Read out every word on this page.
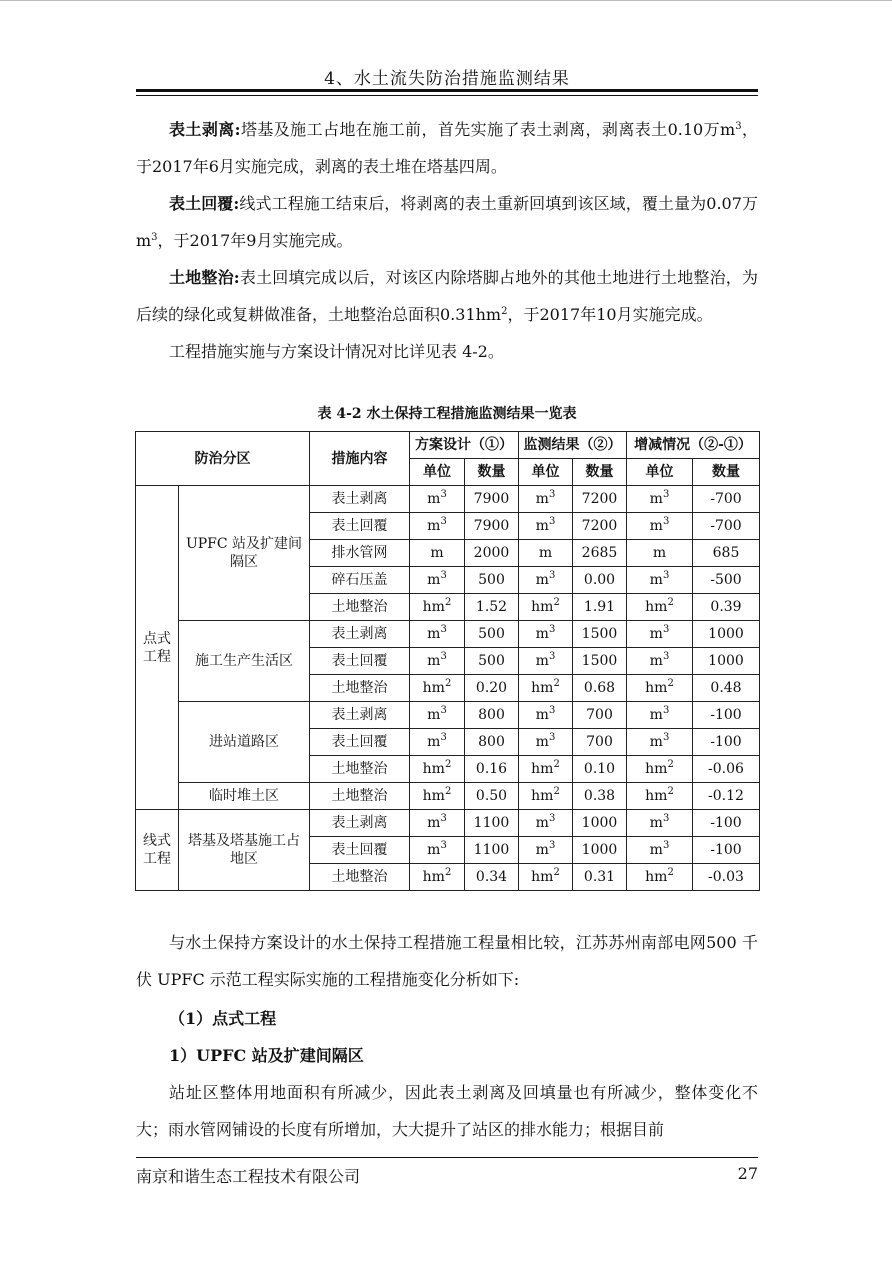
4、水土流失防治措施监测结果

表土剥离:塔基及施工占地在施工前，首先实施了表土剥离，剥离表土0.10万$m^3$，于2017年6月实施完成，剥离的表土堆在塔基四周。

表土回覆:线式工程施工结束后，将剥离的表土重新回填到该区域，覆土量为0.07万$m^3$，于2017年9月实施完成。

土地整治:表土回填完成以后，对该区内除塔脚占地外的其他土地进行土地整治，为后续的绿化或复耕做准备，土地整治总面积$0.31hm^2$，于2017年10月实施完成。

工程措施实施与方案设计情况对比详见表 4-2。

表 4-2 水土保持工程措施监测结果一览表
防治分区		措施内容	方案设计（①）		监测结果（②）		增减情况（②-①）	
			单位	数量	单位	数量	单位	数量
点式工程	UPFC 站及扩建间隔区	表土剥离	$m^3$	7900	$m^3$	7200	$m^3$	-700
		表土回覆	$m^3$	7900	$m^3$	7200	$m^3$	-700
		排水管网	m	2000	m	2685	m	685
		碎石压盖	$m^3$	500	$m^3$	0.00	$m^3$	-500
		土地整治	$hm^2$	1.52	$hm^2$	1.91	$hm^2$	0.39
	施工生产生活区	表土剥离	$m^3$	500	$m^3$	1500	$m^3$	1000
		表土回覆	$m^3$	500	$m^3$	1500	$m^3$	1000
		土地整治	$hm^2$	0.20	$hm^2$	0.68	$hm^2$	0.48
	进站道路区	表土剥离	$m^3$	800	$m^3$	700	$m^3$	-100
		表土回覆	$m^3$	800	$m^3$	700	$m^3$	-100
		土地整治	$hm^2$	0.16	$hm^2$	0.10	$hm^2$	-0.06
	临时堆土区	土地整治	$hm^2$	0.50	$hm^2$	0.38	$hm^2$	-0.12
线式工程	塔基及塔基施工占地区	表土剥离	$m^3$	1100	$m^3$	1000	$m^3$	-100
		表土回覆	$m^3$	1100	$m^3$	1000	$m^3$	-100
		土地整治	$hm^2$	0.34	$hm^2$	0.31	$hm^2$	-0.03

与水土保持方案设计的水土保持工程措施工程量相比较，江苏苏州南部电网500 千伏 UPFC 示范工程实际实施的工程措施变化分析如下:

（1）点式工程

1）UPFC 站及扩建间隔区

站址区整体用地面积有所减少，因此表土剥离及回填量也有所减少，整体变化不大；雨水管网铺设的长度有所增加，大大提升了站区的排水能力；根据目前

南京和谐生态工程技术有限公司	27
